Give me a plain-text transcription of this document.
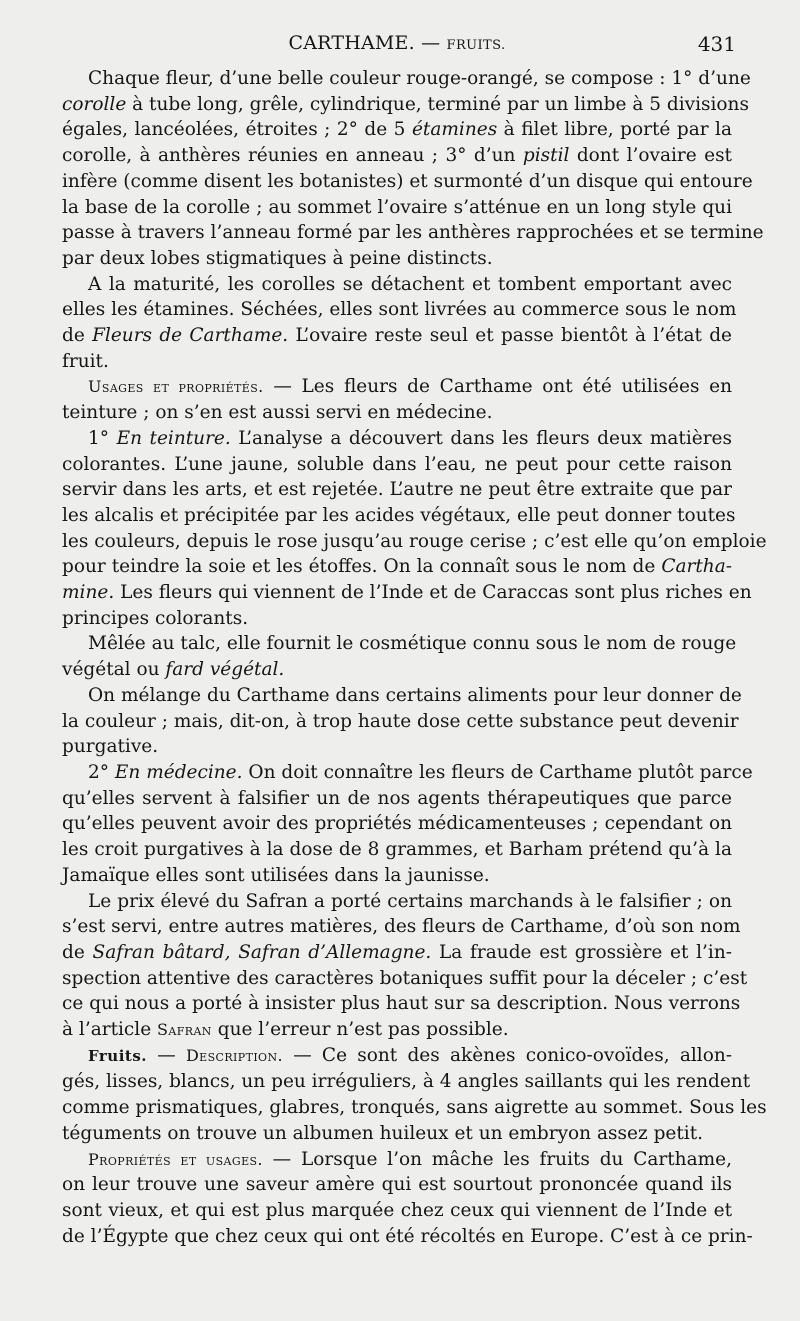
CARTHAME. — FRUITS.	431
Chaque fleur, d’une belle couleur rouge-orangé, se compose : 1° d’une
corolle à tube long, grêle, cylindrique, terminé par un limbe à 5 divisions
égales, lancéolées, étroites ; 2° de 5 étamines à filet libre, porté par la
corolle, à anthères réunies en anneau ; 3° d’un pistil dont l’ovaire est
infère (comme disent les botanistes) et surmonté d’un disque qui entoure
la base de la corolle ; au sommet l’ovaire s’atténue en un long style qui
passe à travers l’anneau formé par les anthères rapprochées et se termine
par deux lobes stigmatiques à peine distincts.
A la maturité, les corolles se détachent et tombent emportant avec
elles les étamines. Séchées, elles sont livrées au commerce sous le nom
de Fleurs de Carthame. L’ovaire reste seul et passe bientôt à l’état de
fruit.
Usages et propriétés. — Les fleurs de Carthame ont été utilisées en
teinture ; on s’en est aussi servi en médecine.
1° En teinture. L’analyse a découvert dans les fleurs deux matières
colorantes. L’une jaune, soluble dans l’eau, ne peut pour cette raison
servir dans les arts, et est rejetée. L’autre ne peut être extraite que par
les alcalis et précipitée par les acides végétaux, elle peut donner toutes
les couleurs, depuis le rose jusqu’au rouge cerise ; c’est elle qu’on emploie
pour teindre la soie et les étoffes. On la connaît sous le nom de Cartha-
mine. Les fleurs qui viennent de l’Inde et de Caraccas sont plus riches en
principes colorants.
Mêlée au talc, elle fournit le cosmétique connu sous le nom de rouge
végétal ou fard végétal.
On mélange du Carthame dans certains aliments pour leur donner de
la couleur ; mais, dit-on, à trop haute dose cette substance peut devenir
purgative.
2° En médecine. On doit connaître les fleurs de Carthame plutôt parce
qu’elles servent à falsifier un de nos agents thérapeutiques que parce
qu’elles peuvent avoir des propriétés médicamenteuses ; cependant on
les croit purgatives à la dose de 8 grammes, et Barham prétend qu’à la
Jamaïque elles sont utilisées dans la jaunisse.
Le prix élevé du Safran a porté certains marchands à le falsifier ; on
s’est servi, entre autres matières, des fleurs de Carthame, d’où son nom
de Safran bâtard, Safran d’Allemagne. La fraude est grossière et l’in-
spection attentive des caractères botaniques suffit pour la déceler ; c’est
ce qui nous a porté à insister plus haut sur sa description. Nous verrons
à l’article Safran que l’erreur n’est pas possible.
Fruits. — Description. — Ce sont des akènes conico-ovoïdes, allon-
gés, lisses, blancs, un peu irréguliers, à 4 angles saillants qui les rendent
comme prismatiques, glabres, tronqués, sans aigrette au sommet. Sous les
téguments on trouve un albumen huileux et un embryon assez petit.
Propriétés et usages. — Lorsque l’on mâche les fruits du Carthame,
on leur trouve une saveur amère qui est sourtout prononcée quand ils
sont vieux, et qui est plus marquée chez ceux qui viennent de l’Inde et
de l’Égypte que chez ceux qui ont été récoltés en Europe. C’est à ce prin-
